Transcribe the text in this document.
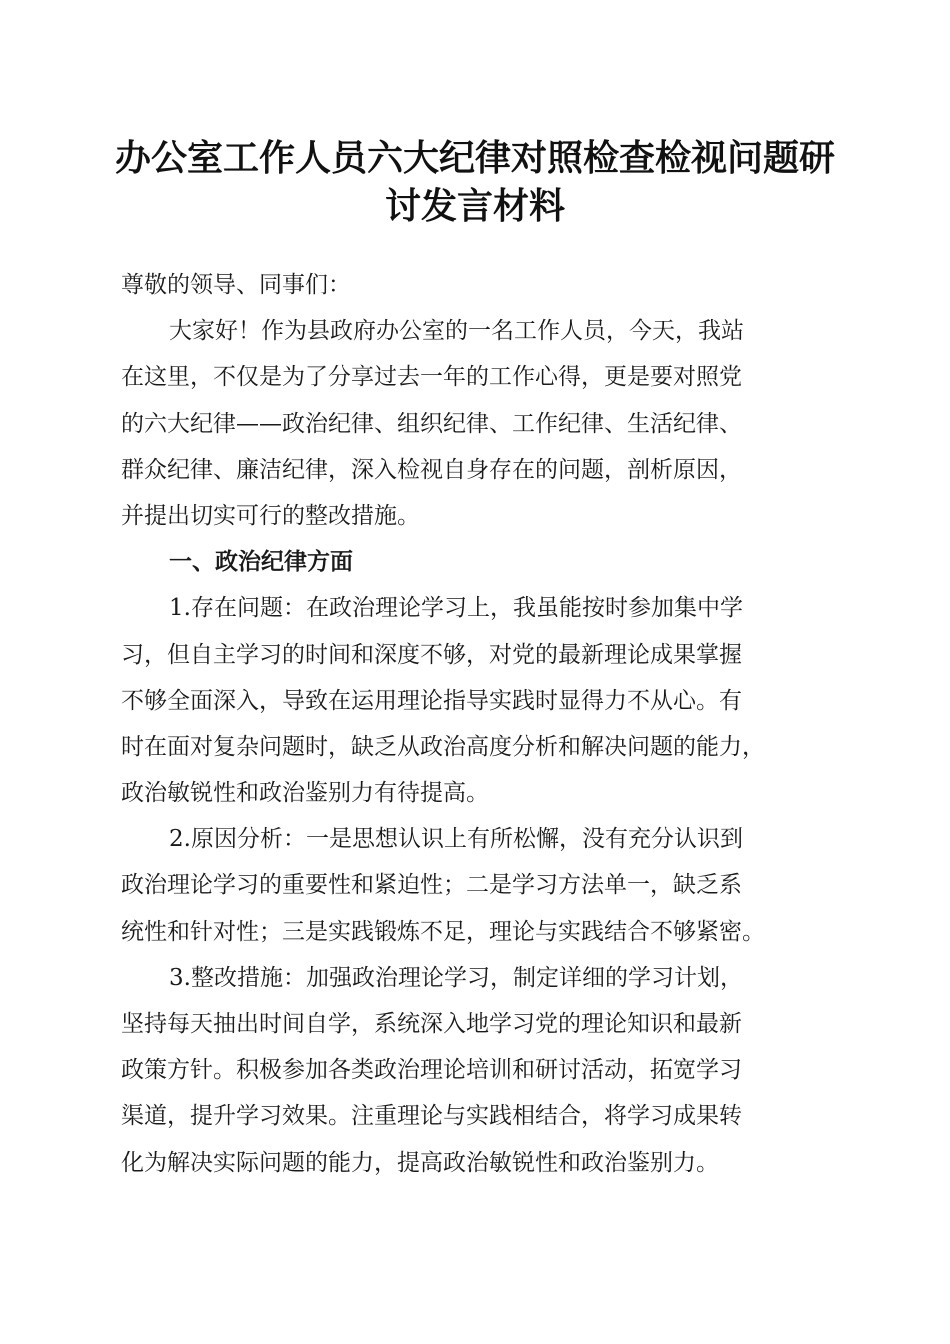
办公室工作人员六大纪律对照检查检视问题研
讨发言材料
尊敬的领导、同事们：
大家好！作为县政府办公室的一名工作人员，今天，我站
在这里，不仅是为了分享过去一年的工作心得，更是要对照党
的六大纪律——政治纪律、组织纪律、工作纪律、生活纪律、
群众纪律、廉洁纪律，深入检视自身存在的问题，剖析原因，
并提出切实可行的整改措施。
一、政治纪律方面
1.存在问题：在政治理论学习上，我虽能按时参加集中学
习，但自主学习的时间和深度不够，对党的最新理论成果掌握
不够全面深入，导致在运用理论指导实践时显得力不从心。有
时在面对复杂问题时，缺乏从政治高度分析和解决问题的能力，
政治敏锐性和政治鉴别力有待提高。
2.原因分析：一是思想认识上有所松懈，没有充分认识到
政治理论学习的重要性和紧迫性；二是学习方法单一，缺乏系
统性和针对性；三是实践锻炼不足，理论与实践结合不够紧密。
3.整改措施：加强政治理论学习，制定详细的学习计划，
坚持每天抽出时间自学，系统深入地学习党的理论知识和最新
政策方针。积极参加各类政治理论培训和研讨活动，拓宽学习
渠道，提升学习效果。注重理论与实践相结合，将学习成果转
化为解决实际问题的能力，提高政治敏锐性和政治鉴别力。
